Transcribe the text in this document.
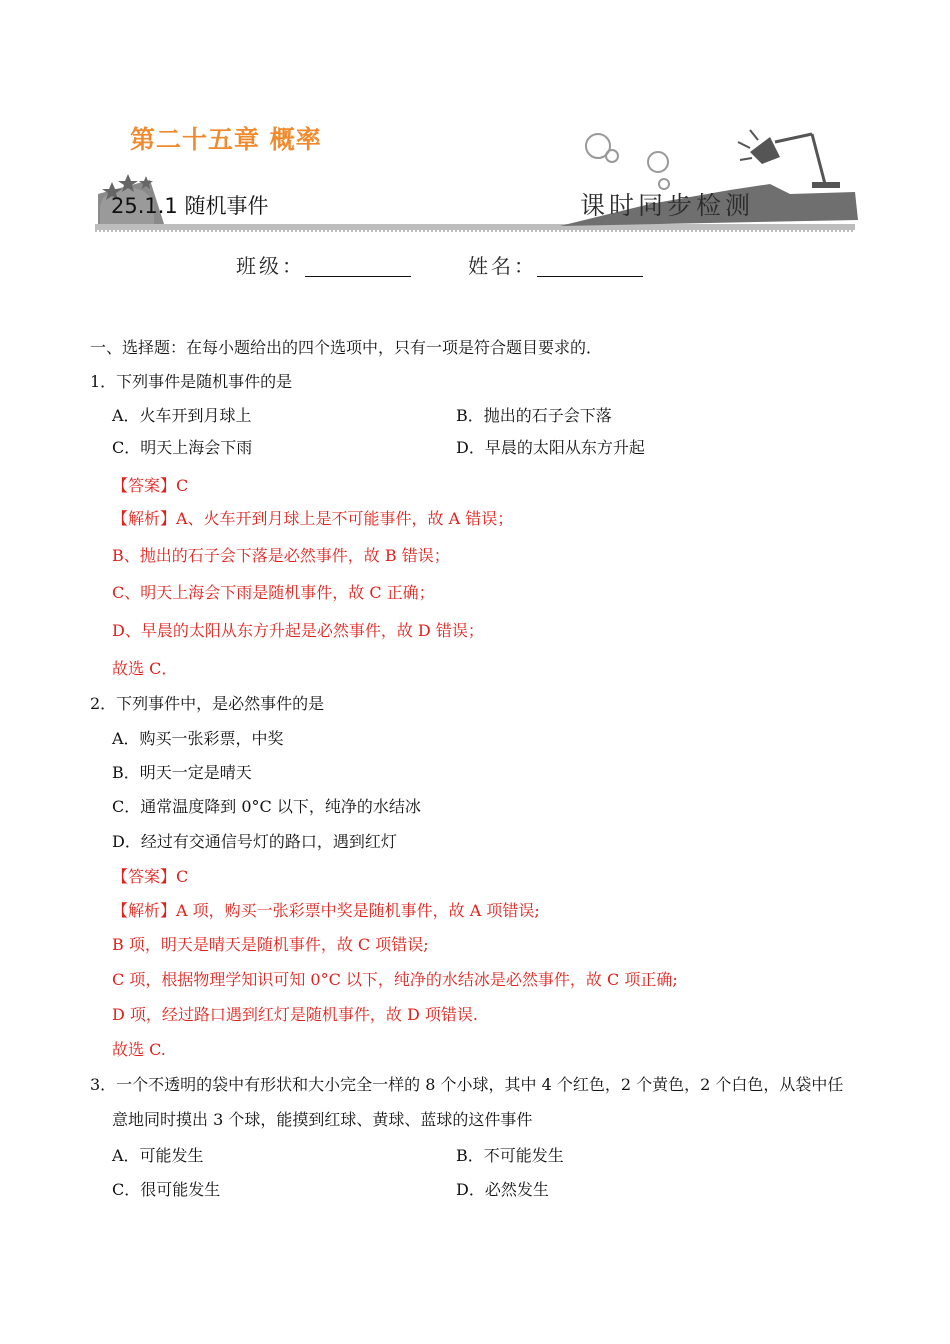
第二十五章 概率
25.1.1 随机事件	课时同步检测
班级：	姓名：
一、选择题：在每小题给出的四个选项中，只有一项是符合题目要求的．
1．下列事件是随机事件的是
A．火车开到月球上	B．抛出的石子会下落
C．明天上海会下雨	D．早晨的太阳从东方升起
【答案】C
【解析】A、火车开到月球上是不可能事件，故 A 错误；
B、抛出的石子会下落是必然事件，故 B 错误；
C、明天上海会下雨是随机事件，故 C 正确；
D、早晨的太阳从东方升起是必然事件，故 D 错误；
故选 C．
2．下列事件中，是必然事件的是
A．购买一张彩票，中奖
B．明天一定是晴天
C．通常温度降到 0°C 以下，纯净的水结冰
D．经过有交通信号灯的路口，遇到红灯
【答案】C
【解析】A 项，购买一张彩票中奖是随机事件，故 A 项错误;
B 项，明天是晴天是随机事件，故 C 项错误;
C 项，根据物理学知识可知 0°C 以下，纯净的水结冰是必然事件，故 C 项正确;
D 项，经过路口遇到红灯是随机事件，故 D 项错误.
故选 C.
3．一个不透明的袋中有形状和大小完全一样的 8 个小球，其中 4 个红色，2 个黄色，2 个白色，从袋中任
意地同时摸出 3 个球，能摸到红球、黄球、蓝球的这件事件
A．可能发生	B．不可能发生
C．很可能发生	D．必然发生
